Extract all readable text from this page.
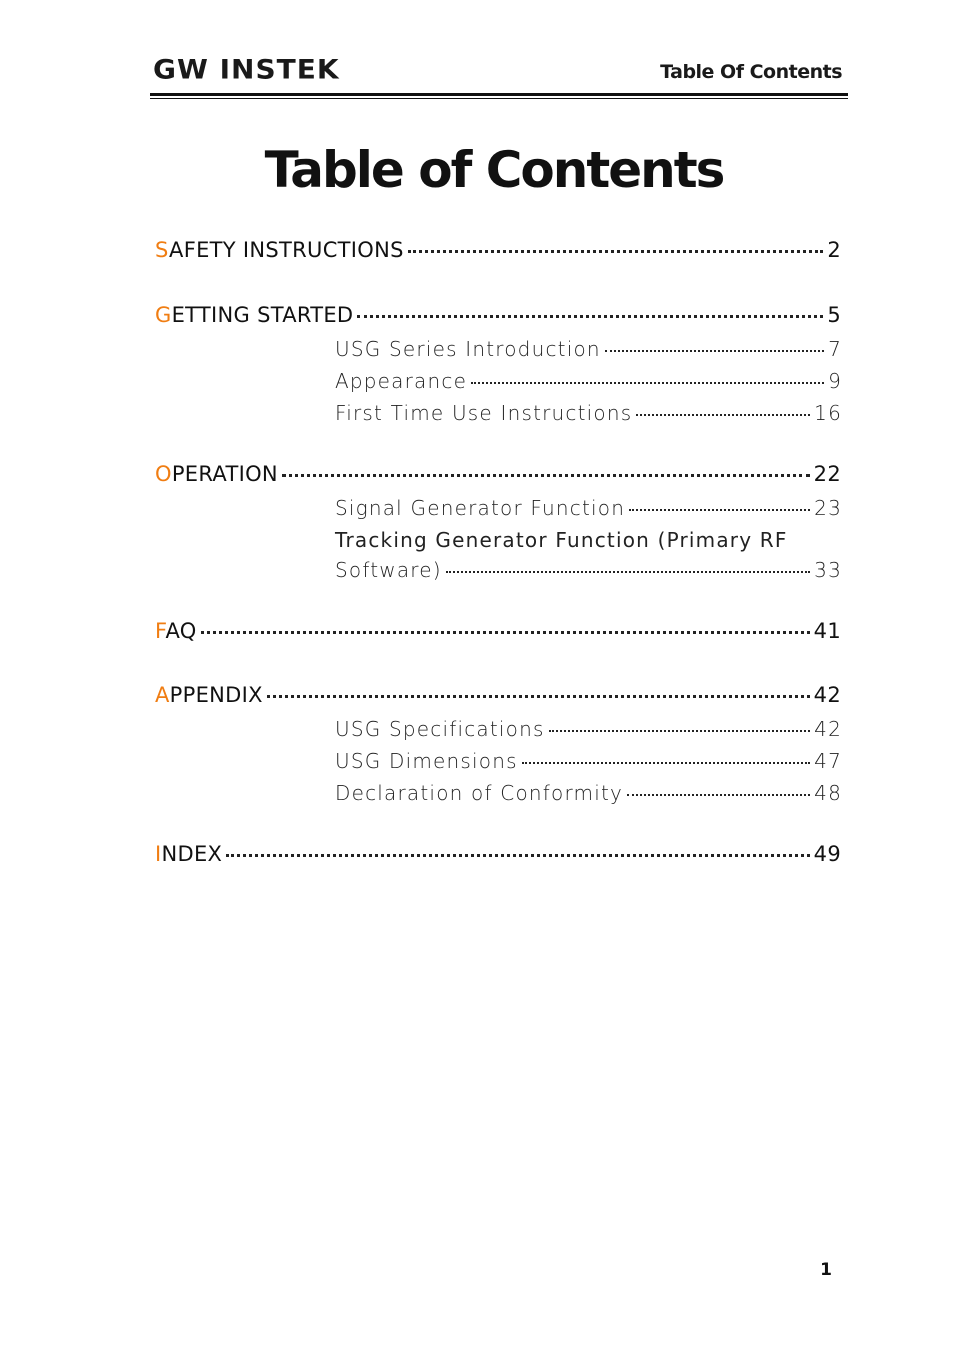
GW INSTEK	Table Of Contents
Table of Contents
SAFETY INSTRUCTIONS	2
GETTING STARTED	5
USG Series Introduction	7
Appearance	9
First Time Use Instructions	16
OPERATION	22
Signal Generator Function	23
Tracking Generator Function (Primary RF
Software)	33
FAQ	41
APPENDIX	42
USG Specifications	42
USG Dimensions	47
Declaration of Conformity	48
INDEX	49
1
